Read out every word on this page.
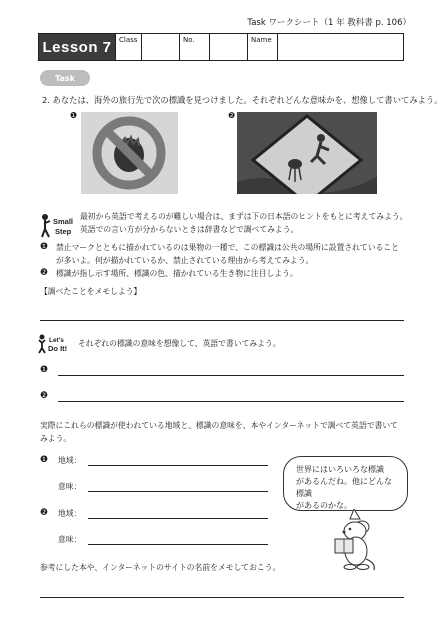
Task ワークシート（1 年 教科書 p. 106）
Lesson 7	Class	No.	Name
Task
2. あなたは、海外の旅行先で次の標識を見つけました。それぞれどんな意味かを、想像して書いてみよう。
❶	❷
Small
Step
最初から英語で考えるのが難しい場合は、まずは下の日本語のヒントをもとに考えてみよう。
英語での言い方が分からないときは辞書などで調べてみよう。
❶ 禁止マークとともに描かれているのは果物の一種で、この標識は公共の場所に設置されていること
が多いよ。何が描かれているか、禁止されている理由から考えてみよう。
❷ 標識が指し示す場所、標識の色、描かれている生き物に注目しよう。
【調べたことをメモしよう】
Let's
Do It!
それぞれの標識の意味を想像して、英語で書いてみよう。
❶
❷
実際にこれらの標識が使われている地域と、標識の意味を、本やインターネットで調べて英語で書いて
みよう。
❶ 地域：
意味：
❷ 地域：
意味：
世界にはいろいろな標識
があるんだね。他にどんな標識
があるのかな。
参考にした本や、インターネットのサイトの名前をメモしておこう。
